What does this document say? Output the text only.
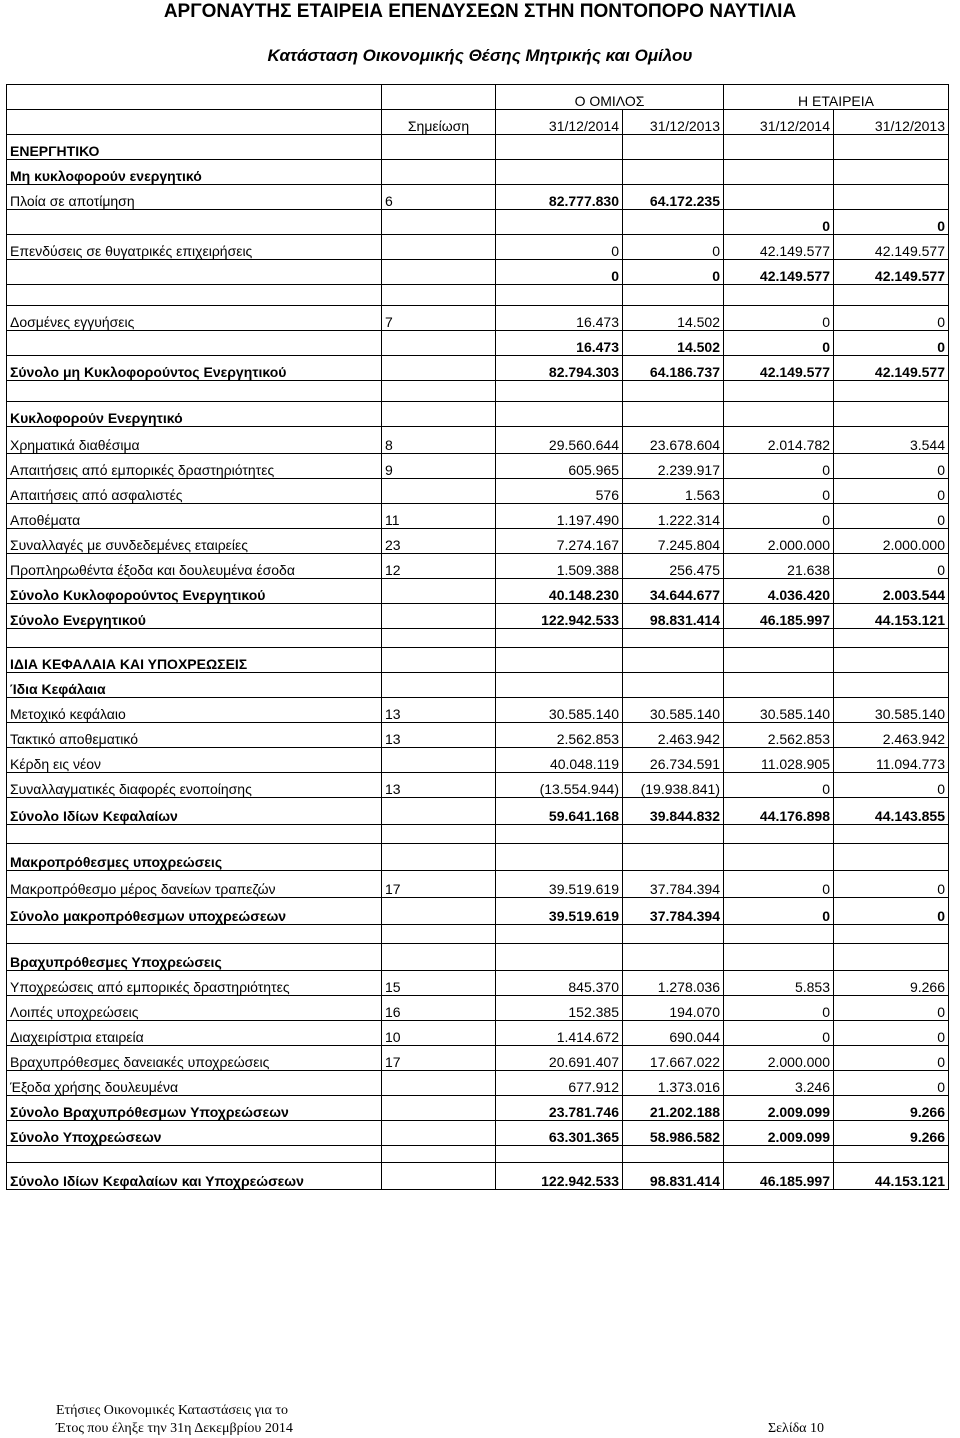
ΑΡΓΟΝΑΥΤΗΣ ΕΤΑΙΡΕΙΑ ΕΠΕΝΔΥΣΕΩΝ ΣΤΗΝ ΠΟΝΤΟΠΟΡΟ ΝΑΥΤΙΛΙΑ
Κατάσταση Οικονομικής Θέσης Μητρικής και Ομίλου
		Ο ΟΜΙΛΟΣ		Η ΕΤΑΙΡΕΙΑ	
	Σημείωση	31/12/2014	31/12/2013	31/12/2014	31/12/2013
ΕΝΕΡΓΗΤΙΚΟ					
Μη κυκλοφορούν ενεργητικό					
Πλοία σε αποτίμηση	6	82.777.830	64.172.235		
				0	0
Επενδύσεις σε θυγατρικές επιχειρήσεις		0	0	42.149.577	42.149.577
		0	0	42.149.577	42.149.577

Δοσμένες εγγυήσεις	7	16.473	14.502	0	0
		16.473	14.502	0	0
Σύνολο μη Κυκλοφορούντος Ενεργητικού		82.794.303	64.186.737	42.149.577	42.149.577

Κυκλοφορούν Ενεργητικό					
Χρηματικά διαθέσιμα	8	29.560.644	23.678.604	2.014.782	3.544
Απαιτήσεις από εμπορικές δραστηριότητες	9	605.965	2.239.917	0	0
Απαιτήσεις από ασφαλιστές		576	1.563	0	0
Αποθέματα	11	1.197.490	1.222.314	0	0
Συναλλαγές με συνδεδεμένες εταιρείες	23	7.274.167	7.245.804	2.000.000	2.000.000
Προπληρωθέντα έξοδα και δουλευμένα έσοδα	12	1.509.388	256.475	21.638	0
Σύνολο Κυκλοφορούντος Ενεργητικού		40.148.230	34.644.677	4.036.420	2.003.544
Σύνολο Ενεργητικού		122.942.533	98.831.414	46.185.997	44.153.121

ΙΔΙΑ ΚΕΦΑΛΑΙΑ ΚΑΙ ΥΠΟΧΡΕΩΣΕΙΣ					
Ίδια Κεφάλαια					
Μετοχικό κεφάλαιο	13	30.585.140	30.585.140	30.585.140	30.585.140
Τακτικό αποθεματικό	13	2.562.853	2.463.942	2.562.853	2.463.942
Κέρδη εις νέον		40.048.119	26.734.591	11.028.905	11.094.773
Συναλλαγματικές διαφορές ενοποίησης	13	(13.554.944)	(19.938.841)	0	0
Σύνολο Ιδίων Κεφαλαίων		59.641.168	39.844.832	44.176.898	44.143.855

Μακροπρόθεσμες υποχρεώσεις					
Μακροπρόθεσμο μέρος δανείων τραπεζών	17	39.519.619	37.784.394	0	0
Σύνολο μακροπρόθεσμων υποχρεώσεων		39.519.619	37.784.394	0	0

Βραχυπρόθεσμες Υποχρεώσεις					
Υποχρεώσεις από εμπορικές δραστηριότητες	15	845.370	1.278.036	5.853	9.266
Λοιπές υποχρεώσεις	16	152.385	194.070	0	0
Διαχειρίστρια εταιρεία	10	1.414.672	690.044	0	0
Βραχυπρόθεσμες δανειακές υποχρεώσεις	17	20.691.407	17.667.022	2.000.000	0
Έξοδα χρήσης δουλευμένα		677.912	1.373.016	3.246	0
Σύνολο Βραχυπρόθεσμων Υποχρεώσεων		23.781.746	21.202.188	2.009.099	9.266
Σύνολο Υποχρεώσεων		63.301.365	58.986.582	2.009.099	9.266

Σύνολο Ιδίων Κεφαλαίων και Υποχρεώσεων		122.942.533	98.831.414	46.185.997	44.153.121
Ετήσιες Οικονομικές Καταστάσεις για το
Έτος που έληξε την 31η Δεκεμβρίου 2014	Σελίδα 10
